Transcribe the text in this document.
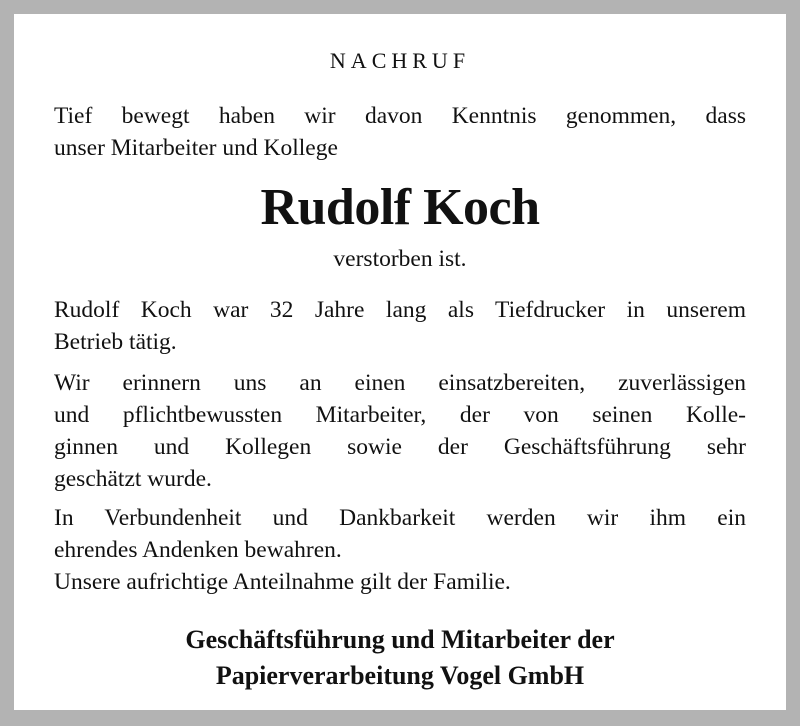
NACHRUF
Tief bewegt haben wir davon Kenntnis genommen, dass
unser Mitarbeiter und Kollege
Rudolf Koch
verstorben ist.
Rudolf Koch war 32 Jahre lang als Tiefdrucker in unserem
Betrieb tätig.
Wir erinnern uns an einen einsatzbereiten, zuverlässigen
und pflichtbewussten Mitarbeiter, der von seinen Kolle-
ginnen und Kollegen sowie der Geschäftsführung sehr
geschätzt wurde.
In Verbundenheit und Dankbarkeit werden wir ihm ein
ehrendes Andenken bewahren.
Unsere aufrichtige Anteilnahme gilt der Familie.
Geschäftsführung und Mitarbeiter der
Papierverarbeitung Vogel GmbH
